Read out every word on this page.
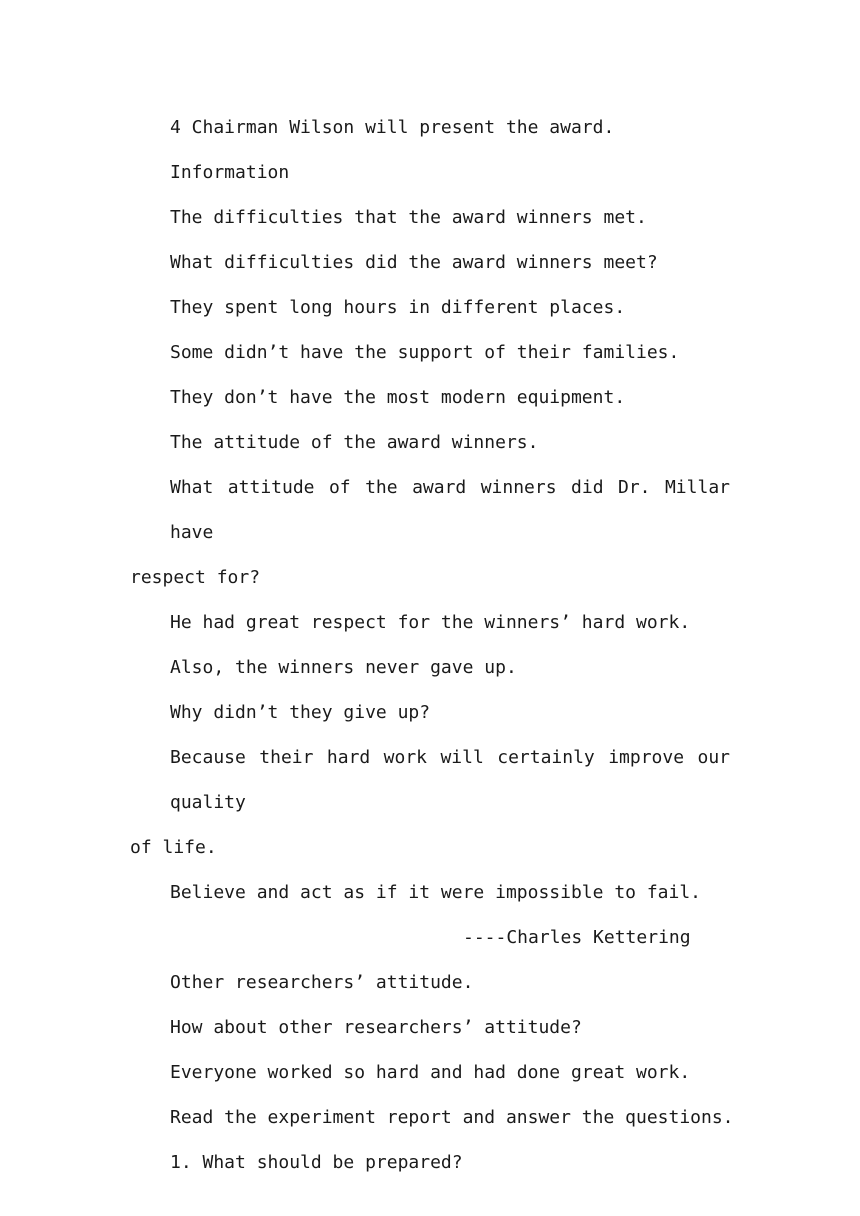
4 Chairman Wilson will present the award.
Information
The difficulties that the award winners met.
What difficulties did the award winners meet?
They spent long hours in different places.
Some didn’t have the support of their families.
They don’t have the most modern equipment.
The attitude of the award winners.
What attitude of the award winners did Dr. Millar have
respect for?
He had great respect for the winners’ hard work.
Also, the winners never gave up.
Why didn’t they give up?
Because their hard work will certainly improve our quality
of life.
Believe and act as if it were impossible to fail.
----Charles Kettering
Other researchers’ attitude.
How about other researchers’ attitude?
Everyone worked so hard and had done great work.
Read the experiment report and answer the questions.
1. What should be prepared?
